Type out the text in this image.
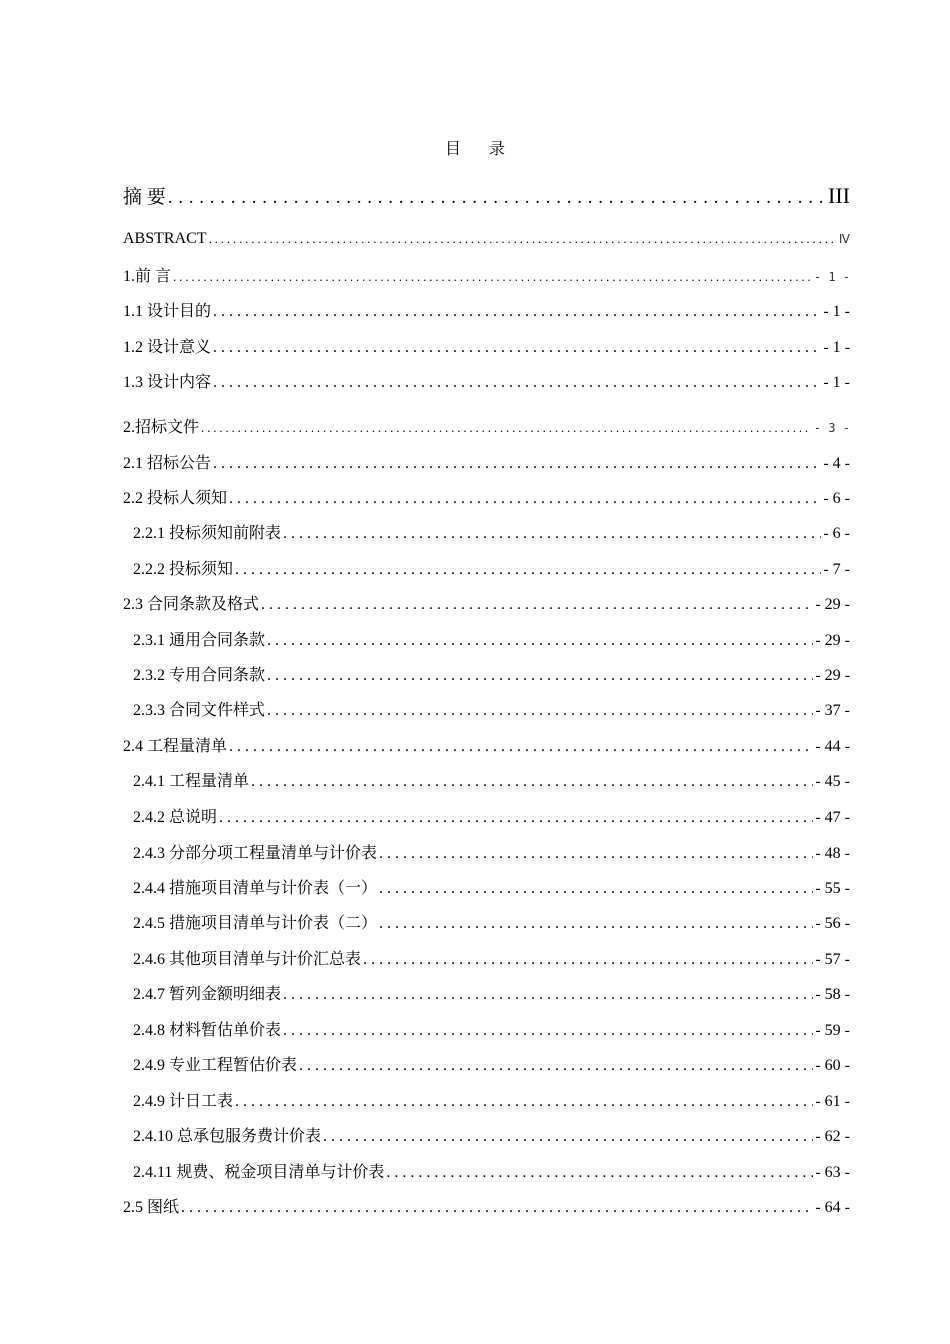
目 录
摘 要 . . .	III
ABSTRACT . . .	Ⅳ
1.前 言 . . .	- 1 -
1.1 设计目的 . . .	- 1 -
1.2 设计意义 . . .	- 1 -
1.3 设计内容 . . .	- 1 -
2.招标文件 . . .	- 3 -
2.1 招标公告 . . .	- 4 -
2.2 投标人须知 . . .	- 6 -
2.2.1 投标须知前附表 . . .	- 6 -
2.2.2 投标须知 . . .	- 7 -
2.3 合同条款及格式 . . .	- 29 -
2.3.1 通用合同条款 . . .	- 29 -
2.3.2 专用合同条款 . . .	- 29 -
2.3.3 合同文件样式 . . .	- 37 -
2.4 工程量清单 . . .	- 44 -
2.4.1 工程量清单 . . .	- 45 -
2.4.2 总说明 . . .	- 47 -
2.4.3 分部分项工程量清单与计价表 . . .	- 48 -
2.4.4 措施项目清单与计价表（一） . . .	- 55 -
2.4.5 措施项目清单与计价表（二） . . .	- 56 -
2.4.6 其他项目清单与计价汇总表 . . .	- 57 -
2.4.7 暂列金额明细表 . . .	- 58 -
2.4.8 材料暂估单价表 . . .	- 59 -
2.4.9 专业工程暂估价表 . . .	- 60 -
2.4.9 计日工表 . . .	- 61 -
2.4.10 总承包服务费计价表 . . .	- 62 -
2.4.11 规费、税金项目清单与计价表 . . .	- 63 -
2.5 图纸 . . .	- 64 -
